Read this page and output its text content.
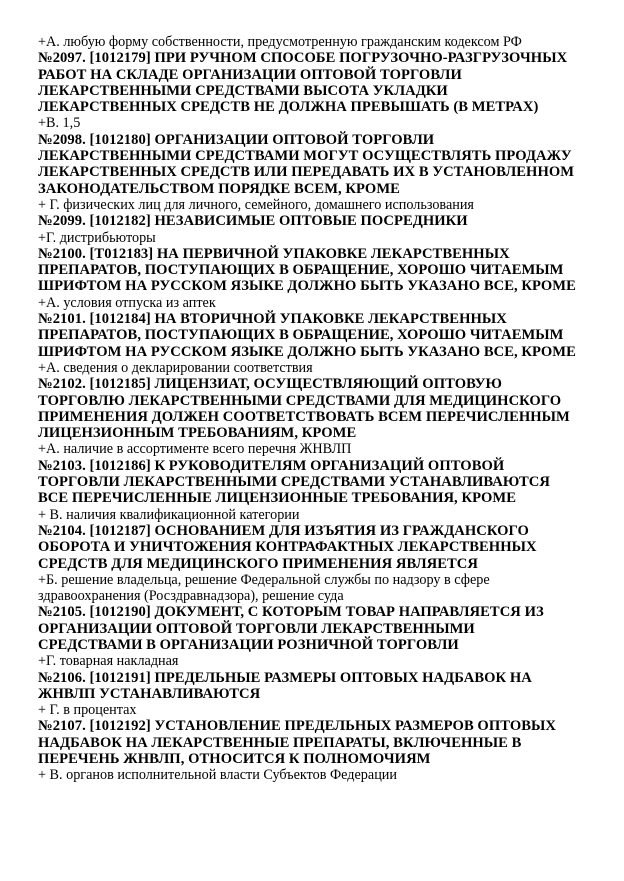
+А. любую форму собственности, предусмотренную гражданским кодексом РФ
№2097. [1012179] ПРИ РУЧНОМ СПОСОБЕ ПОГРУЗОЧНО-РАЗГРУЗОЧНЫХ
РАБОТ НА СКЛАДЕ ОРГАНИЗАЦИИ ОПТОВОЙ ТОРГОВЛИ
ЛЕКАРСТВЕННЫМИ СРЕДСТВАМИ ВЫСОТА УКЛАДКИ
ЛЕКАРСТВЕННЫХ СРЕДСТВ НЕ ДОЛЖНА ПРЕВЫШАТЬ (В МЕТРАХ)
+В. 1,5
№2098. [1012180] ОРГАНИЗАЦИИ ОПТОВОЙ ТОРГОВЛИ
ЛЕКАРСТВЕННЫМИ СРЕДСТВАМИ МОГУТ ОСУЩЕСТВЛЯТЬ ПРОДАЖУ
ЛЕКАРСТВЕННЫХ СРЕДСТВ ИЛИ ПЕРЕДАВАТЬ ИХ В УСТАНОВЛЕННОМ
ЗАКОНОДАТЕЛЬСТВОМ ПОРЯДКЕ ВСЕМ, КРОМЕ
+ Г. физических лиц для личного, семейного, домашнего использования
№2099. [1012182] НЕЗАВИСИМЫЕ ОПТОВЫЕ ПОСРЕДНИКИ
+Г. дистрибьюторы
№2100. [T012183] НА ПЕРВИЧНОЙ УПАКОВКЕ ЛЕКАРСТВЕННЫХ
ПРЕПАРАТОВ, ПОСТУПАЮЩИХ В ОБРАЩЕНИЕ, ХОРОШО ЧИТАЕМЫМ
ШРИФТОМ НА РУССКОМ ЯЗЫКЕ ДОЛЖНО БЫТЬ УКАЗАНО ВСЕ, КРОМЕ
+А. условия отпуска из аптек
№2101. [1012184] НА ВТОРИЧНОЙ УПАКОВКЕ ЛЕКАРСТВЕННЫХ
ПРЕПАРАТОВ, ПОСТУПАЮЩИХ В ОБРАЩЕНИЕ, ХОРОШО ЧИТАЕМЫМ
ШРИФТОМ НА РУССКОМ ЯЗЫКЕ ДОЛЖНО БЫТЬ УКАЗАНО ВСЕ, КРОМЕ
+А. сведения о декларировании соответствия
№2102. [1012185] ЛИЦЕНЗИАТ, ОСУЩЕСТВЛЯЮЩИЙ ОПТОВУЮ
ТОРГОВЛЮ ЛЕКАРСТВЕННЫМИ СРЕДСТВАМИ ДЛЯ МЕДИЦИНСКОГО
ПРИМЕНЕНИЯ ДОЛЖЕН СООТВЕТСТВОВАТЬ ВСЕМ ПЕРЕЧИСЛЕННЫМ
ЛИЦЕНЗИОННЫМ ТРЕБОВАНИЯМ, КРОМЕ
+А. наличие в ассортименте всего перечня ЖНВЛП
№2103. [1012186] К РУКОВОДИТЕЛЯМ ОРГАНИЗАЦИЙ ОПТОВОЙ
ТОРГОВЛИ ЛЕКАРСТВЕННЫМИ СРЕДСТВАМИ УСТАНАВЛИВАЮТСЯ
ВСЕ ПЕРЕЧИСЛЕННЫЕ ЛИЦЕНЗИОННЫЕ ТРЕБОВАНИЯ, КРОМЕ
+ В. наличия квалификационной категории
№2104. [1012187] ОСНОВАНИЕМ ДЛЯ ИЗЪЯТИЯ ИЗ ГРАЖДАНСКОГО
ОБОРОТА И УНИЧТОЖЕНИЯ КОНТРАФАКТНЫХ ЛЕКАРСТВЕННЫХ
СРЕДСТВ ДЛЯ МЕДИЦИНСКОГО ПРИМЕНЕНИЯ ЯВЛЯЕТСЯ
+Б. решение владельца, решение Федеральной службы по надзору в сфере
здравоохранения (Росздравнадзора), решение суда
№2105. [1012190] ДОКУМЕНТ, С КОТОРЫМ ТОВАР НАПРАВЛЯЕТСЯ ИЗ
ОРГАНИЗАЦИИ ОПТОВОЙ ТОРГОВЛИ ЛЕКАРСТВЕННЫМИ
СРЕДСТВАМИ В ОРГАНИЗАЦИИ РОЗНИЧНОЙ ТОРГОВЛИ
+Г. товарная накладная
№2106. [1012191] ПРЕДЕЛЬНЫЕ РАЗМЕРЫ ОПТОВЫХ НАДБАВОК НА
ЖНВЛП УСТАНАВЛИВАЮТСЯ
+ Г. в процентах
№2107. [1012192] УСТАНОВЛЕНИЕ ПРЕДЕЛЬНЫХ РАЗМЕРОВ ОПТОВЫХ
НАДБАВОК НА ЛЕКАРСТВЕННЫЕ ПРЕПАРАТЫ, ВКЛЮЧЕННЫЕ В
ПЕРЕЧЕНЬ ЖНВЛП, ОТНОСИТСЯ К ПОЛНОМОЧИЯМ
+ В. органов исполнительной власти Субъектов Федерации
